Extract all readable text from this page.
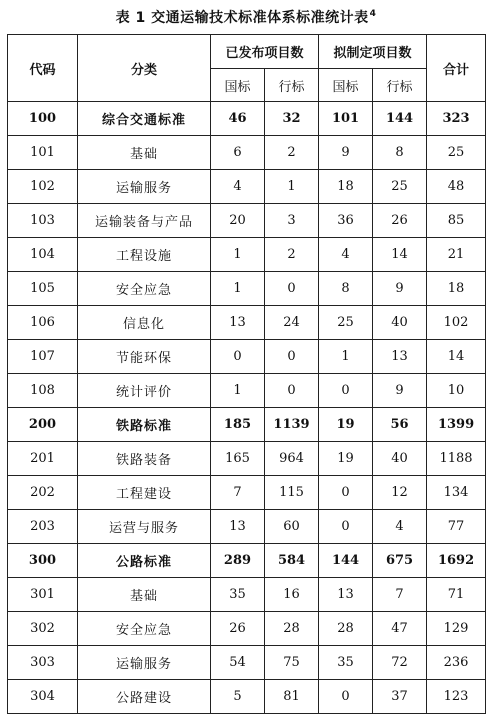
表 1 交通运输技术标准体系标准统计表$^4$
代码	分类	已发布项目数		拟制定项目数		合计
		国标	行标	国标	行标	
100	综合交通标准	46	32	101	144	323
101	基础	6	2	9	8	25
102	运输服务	4	1	18	25	48
103	运输装备与产品	20	3	36	26	85
104	工程设施	1	2	4	14	21
105	安全应急	1	0	8	9	18
106	信息化	13	24	25	40	102
107	节能环保	0	0	1	13	14
108	统计评价	1	0	0	9	10
200	铁路标准	185	1139	19	56	1399
201	铁路装备	165	964	19	40	1188
202	工程建设	7	115	0	12	134
203	运营与服务	13	60	0	4	77
300	公路标准	289	584	144	675	1692
301	基础	35	16	13	7	71
302	安全应急	26	28	28	47	129
303	运输服务	54	75	35	72	236
304	公路建设	5	81	0	37	123
